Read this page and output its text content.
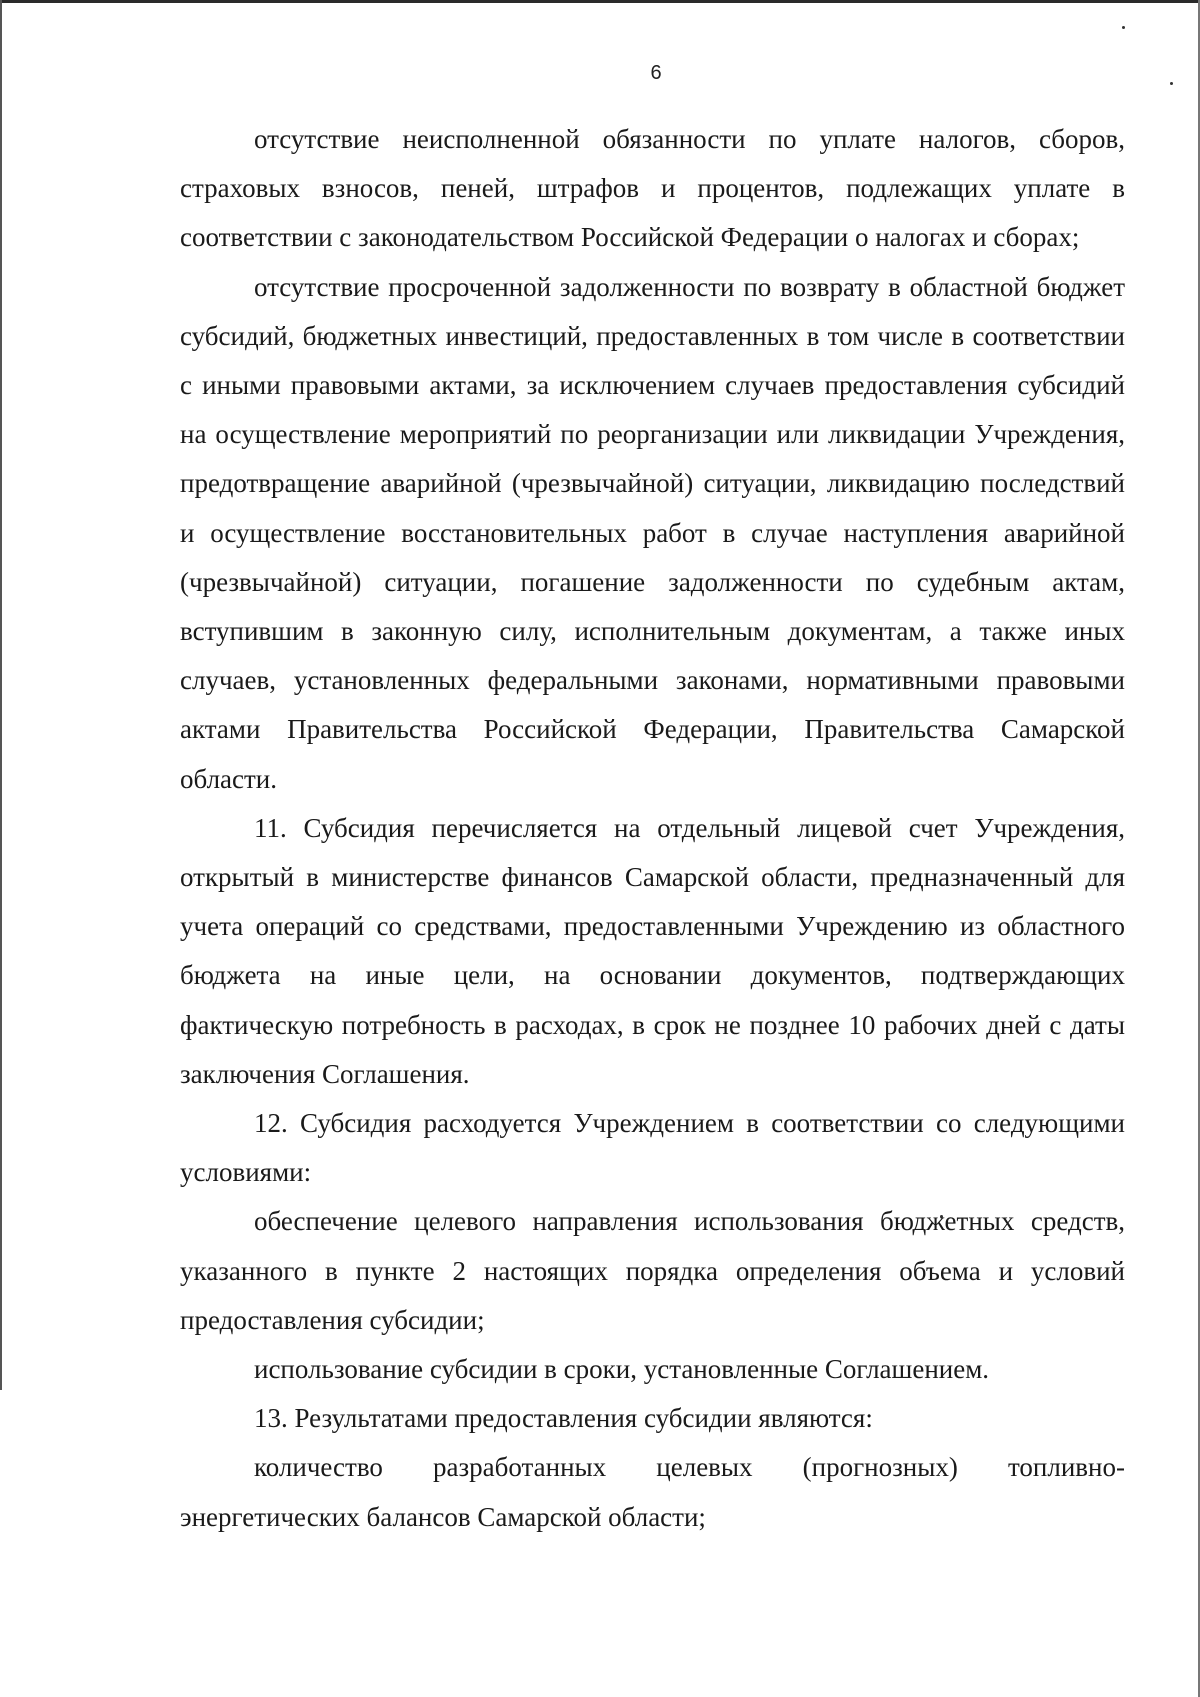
6

отсутствие неисполненной обязанности по уплате налогов, сборов, страховых взносов, пеней, штрафов и процентов, подлежащих уплате в соответствии с законодательством Российской Федерации о налогах и сборах;

отсутствие просроченной задолженности по возврату в областной бюджет субсидий, бюджетных инвестиций, предоставленных в том числе в соответствии с иными правовыми актами, за исключением случаев предоставления субсидий на осуществление мероприятий по реорганизации или ликвидации Учреждения, предотвращение аварийной (чрезвычайной) ситуации, ликвидацию последствий и осуществление восстановительных работ в случае наступления аварийной (чрезвычайной) ситуации, погашение задолженности по судебным актам, вступившим в законную силу, исполнительным документам, а также иных случаев, установленных федеральными законами, нормативными правовыми актами Правительства Российской Федерации, Правительства Самарской области.

11. Субсидия перечисляется на отдельный лицевой счет Учреждения, открытый в министерстве финансов Самарской области, предназначенный для учета операций со средствами, предоставленными Учреждению из областного бюджета на иные цели, на основании документов, подтверждающих фактическую потребность в расходах, в срок не позднее 10 рабочих дней с даты заключения Соглашения.

12. Субсидия расходуется Учреждением в соответствии со следующими условиями:

обеспечение целевого направления использования бюджетных средств, указанного в пункте 2 настоящих порядка определения объема и условий предоставления субсидии;

использование субсидии в сроки, установленные Соглашением.

13. Результатами предоставления субсидии являются:

количество разработанных целевых (прогнозных) топливно-энергетических балансов Самарской области;
